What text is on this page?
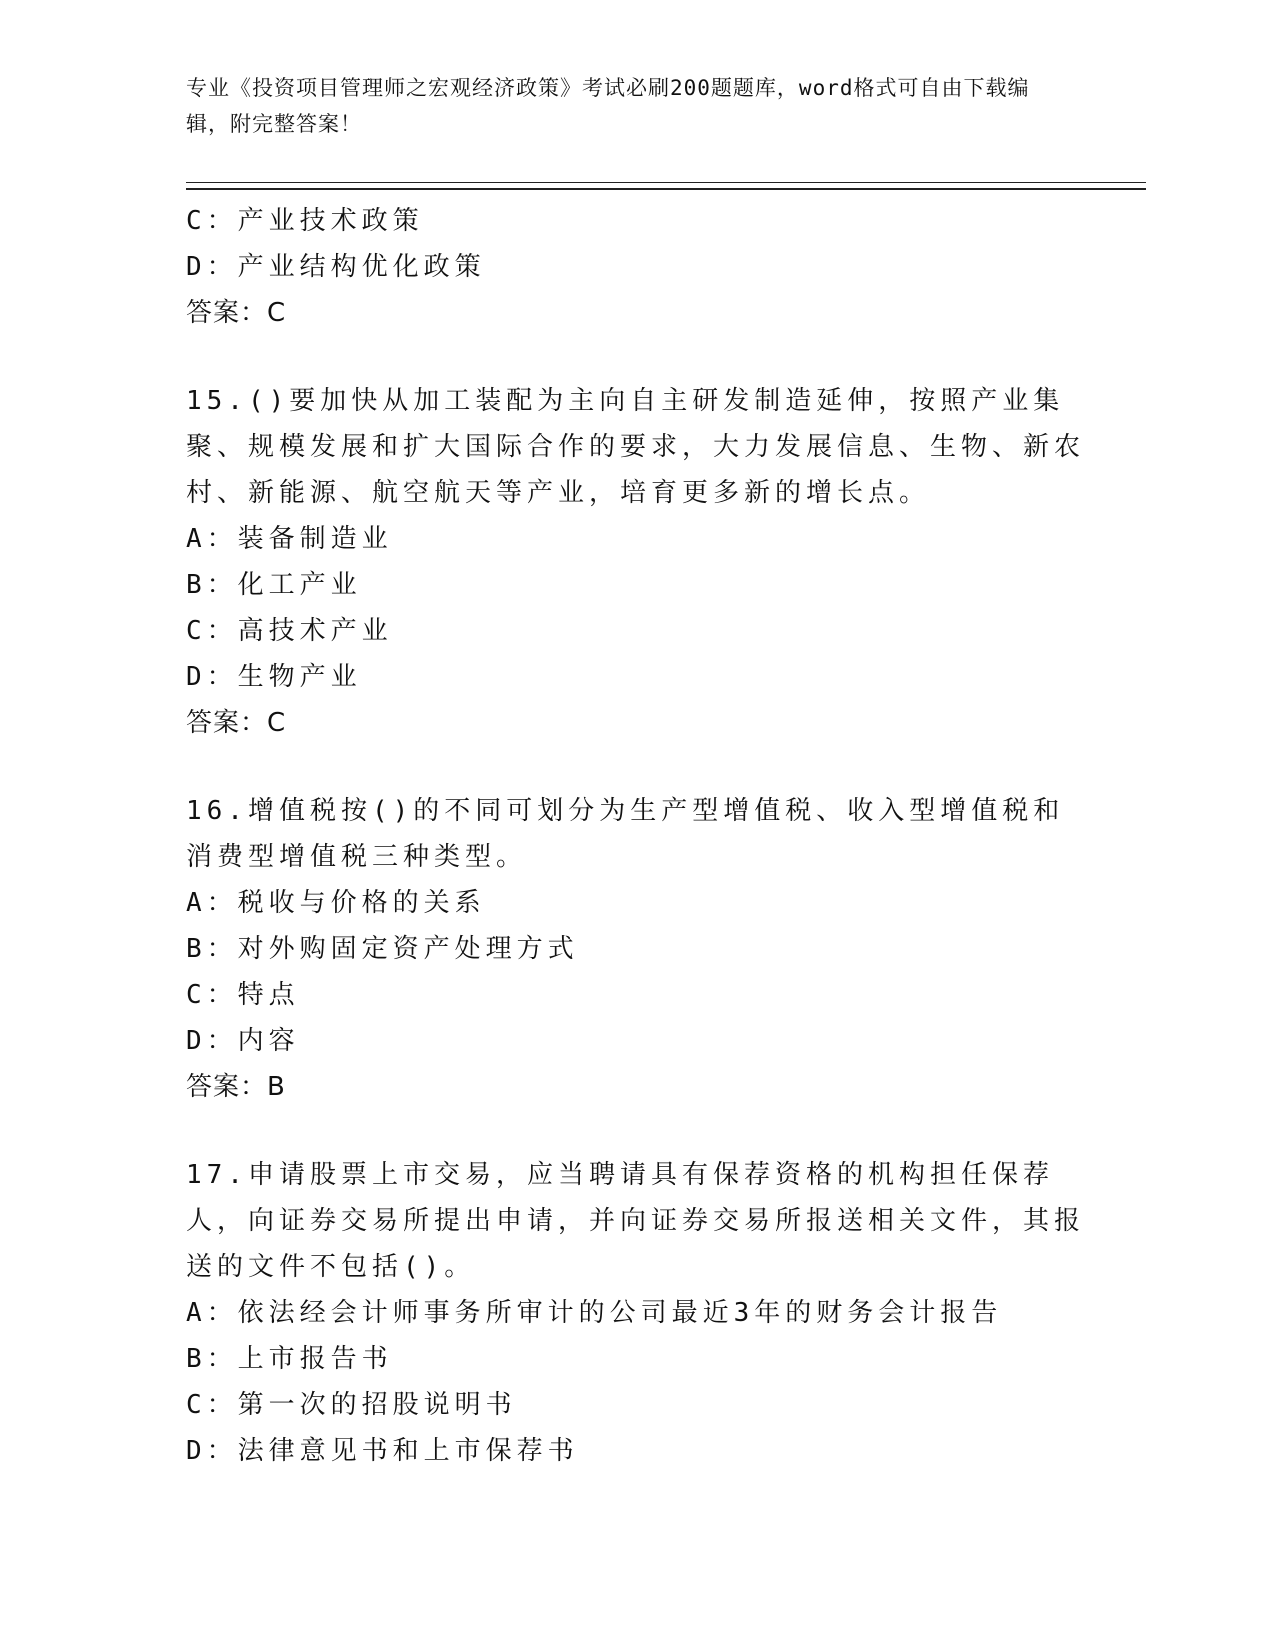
专业《投资项目管理师之宏观经济政策》考试必刷200题题库，word格式可自由下载编辑，附完整答案！

C：产业技术政策
D：产业结构优化政策
答案：C
15.()要加快从加工装配为主向自主研发制造延伸，按照产业集聚、规模发展和扩大国际合作的要求，大力发展信息、生物、新农村、新能源、航空航天等产业，培育更多新的增长点。
A：装备制造业
B：化工产业
C：高技术产业
D：生物产业
答案：C
16.增值税按()的不同可划分为生产型增值税、收入型增值税和消费型增值税三种类型。
A：税收与价格的关系
B：对外购固定资产处理方式
C：特点
D：内容
答案：B
17.申请股票上市交易，应当聘请具有保荐资格的机构担任保荐人，向证券交易所提出申请，并向证券交易所报送相关文件，其报送的文件不包括()。
A：依法经会计师事务所审计的公司最近3年的财务会计报告
B：上市报告书
C：第一次的招股说明书
D：法律意见书和上市保荐书
